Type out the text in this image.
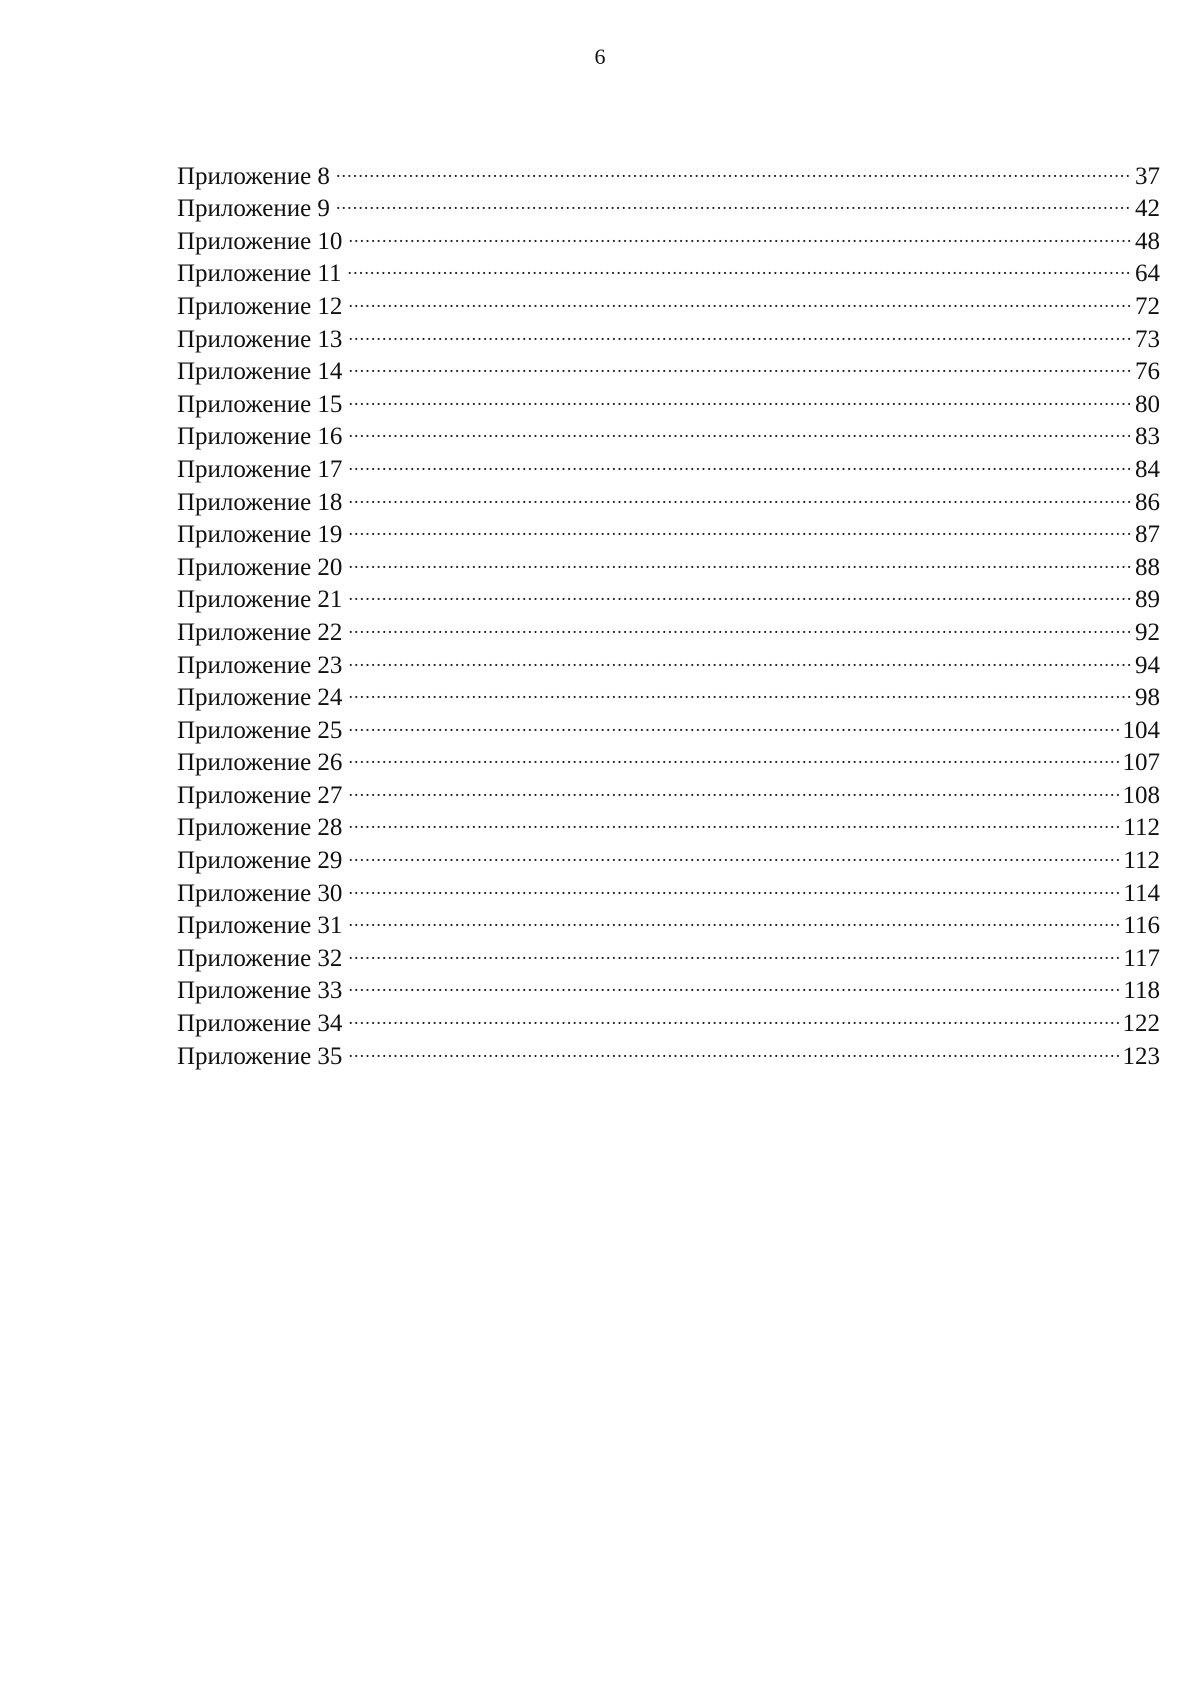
6
Приложение 8 .....	37
Приложение 9 .....	42
Приложение 10 .....	48
Приложение 11 .....	64
Приложение 12 .....	72
Приложение 13 .....	73
Приложение 14 .....	76
Приложение 15 .....	80
Приложение 16 .....	83
Приложение 17 .....	84
Приложение 18 .....	86
Приложение 19 .....	87
Приложение 20 .....	88
Приложение 21 .....	89
Приложение 22 .....	92
Приложение 23 .....	94
Приложение 24 .....	98
Приложение 25 .....	104
Приложение 26 .....	107
Приложение 27 .....	108
Приложение 28 .....	112
Приложение 29 .....	112
Приложение 30 .....	114
Приложение 31 .....	116
Приложение 32 .....	117
Приложение 33 .....	118
Приложение 34 .....	122
Приложение 35 .....	123
